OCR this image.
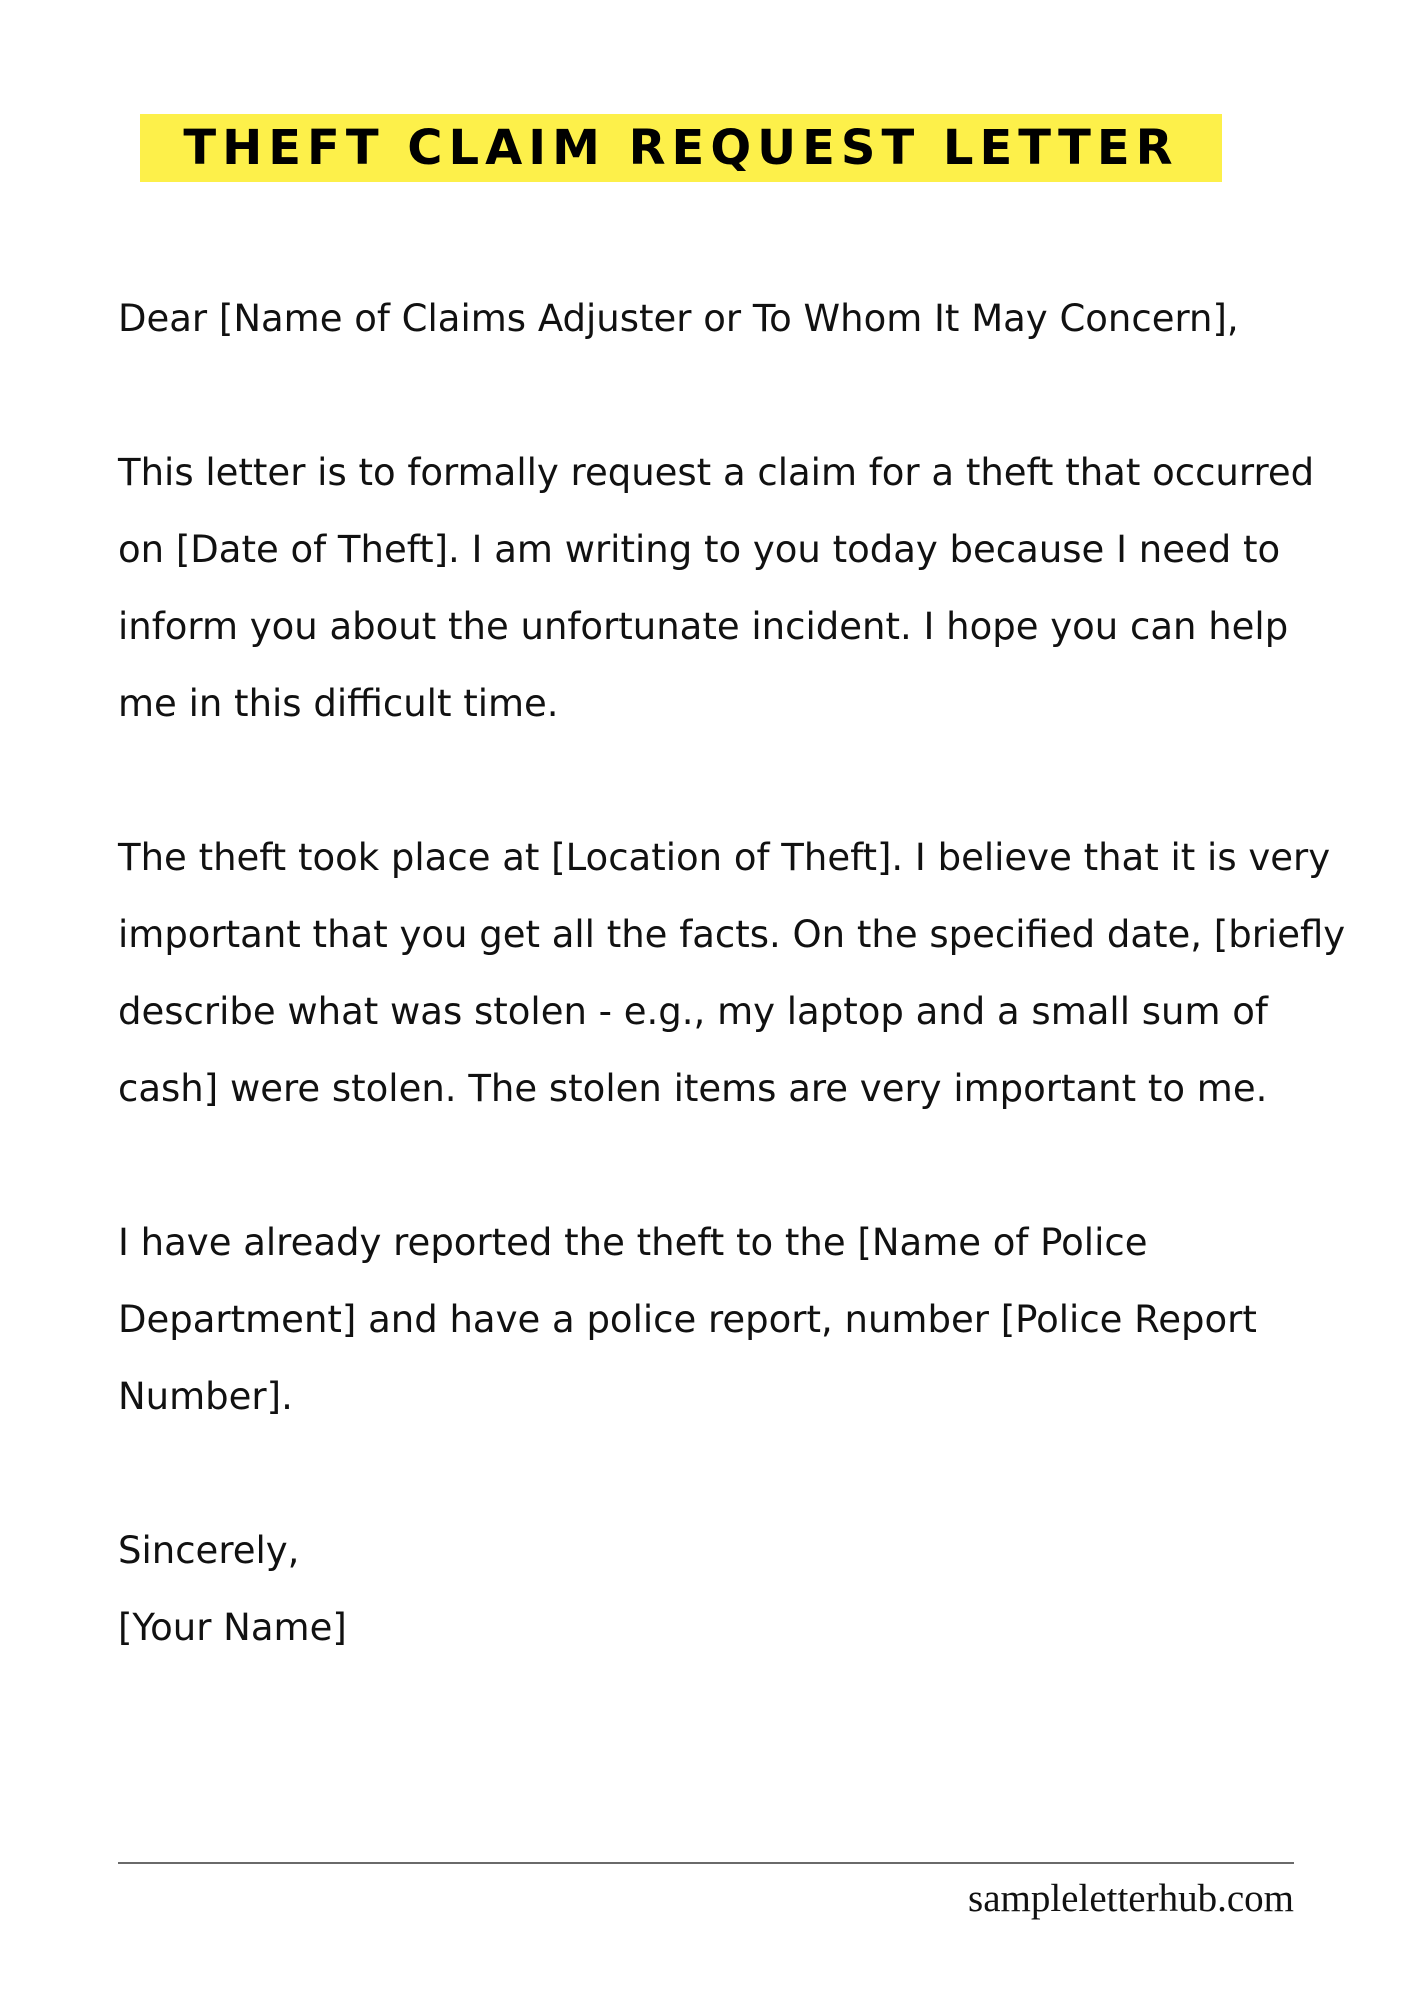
THEFT CLAIM REQUEST LETTER

Dear [Name of Claims Adjuster or To Whom It May Concern],

This letter is to formally request a claim for a theft that occurred on [Date of Theft]. I am writing to you today because I need to inform you about the unfortunate incident. I hope you can help me in this difficult time.

The theft took place at [Location of Theft]. I believe that it is very important that you get all the facts. On the specified date, [briefly describe what was stolen - e.g., my laptop and a small sum of cash] were stolen. The stolen items are very important to me.

I have already reported the theft to the [Name of Police Department] and have a police report, number [Police Report Number].

Sincerely,

[Your Name]

sampleletterhub.com
